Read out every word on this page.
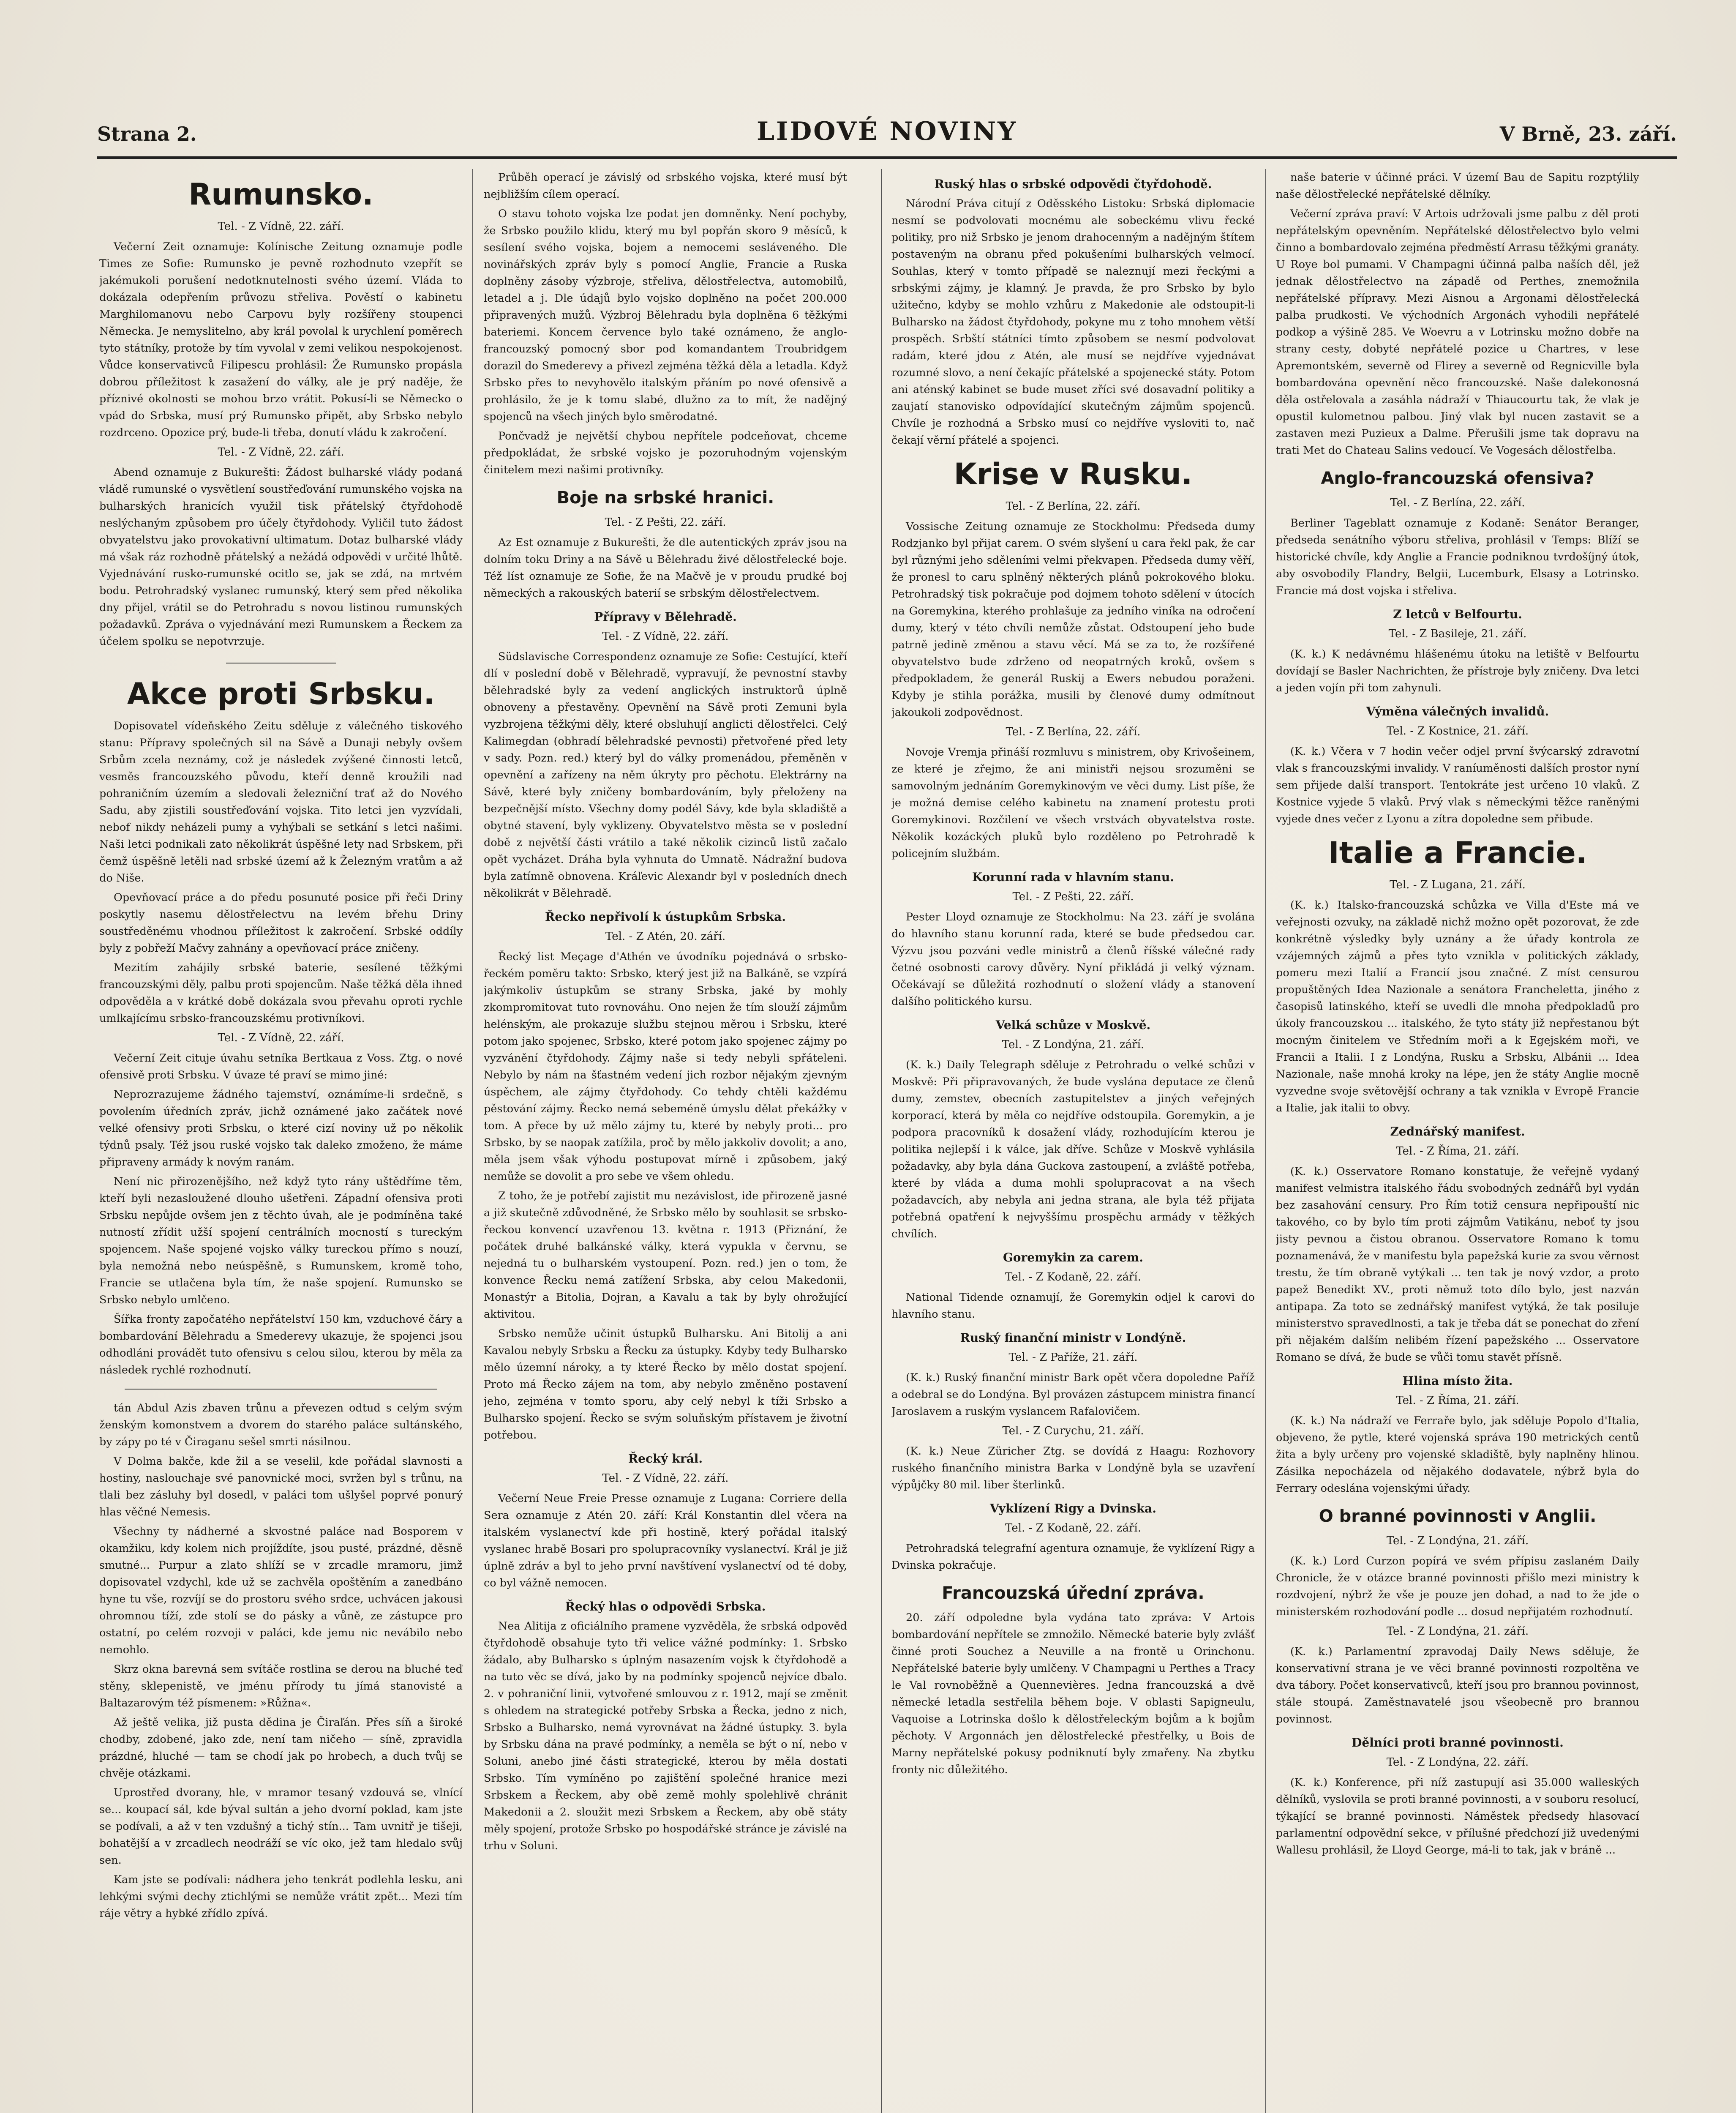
Strana 2.	LIDOVÉ NOVINY	V Brně, 23. září.
Rumunsko.
Tel. - Z Vídně, 22. září.

Večerní Zeit oznamuje: Kolínische Zeitung oznamuje podle Times ze Sofie: Rumunsko je pevně rozhodnuto vzepřít se jakémukoli porušení nedotknutelnosti svého území. Vláda to dokázala odepřením průvozu střeliva. Pověstí o kabinetu Marghilomanovu nebo Carpovu byly rozšířeny stoupenci Německa. Je nemyslitelno, aby král povolal k urychlení poměrech tyto státníky, protože by tím vyvolal v zemi velikou nespokojenost. Vůdce konservativců Filipescu prohlásil: Že Rumunsko propásla dobrou příležitost k zasažení do války, ale je prý naděje, že příznivé okolnosti se mohou brzo vrátit. Pokusí-li se Německo o vpád do Srbska, musí prý Rumunsko připět, aby Srbsko nebylo rozdrceno. Opozice prý, bude-li třeba, donutí vládu k zakročení.

Tel. - Z Vídně, 22. září.

Abend oznamuje z Bukurešti: Žádost bulharské vlády podaná vládě rumunské o vysvětlení soustřeďování rumunského vojska na bulharských hranicích využil tisk přátelský čtyřdohodě neslýchaným způsobem pro účely čtyřdohody. Vyličil tuto žádost obvyatelstvu jako provokativní ultimatum. Dotaz bulharské vlády má však ráz rozhodně přátelský a nežádá odpovědi v určité lhůtě. Vyjednávání rusko-rumunské ocitlo se, jak se zdá, na mrtvém bodu. Petrohradský vyslanec rumunský, který sem před několika dny přijel, vrátil se do Petrohradu s novou listinou rumunských požadavků. Zpráva o vyjednávání mezi Rumunskem a Řeckem za účelem spolku se nepotvrzuje.

Akce proti Srbsku.

Dopisovatel vídeňského Zeitu sděluje z válečného tiskového stanu: Přípravy společných sil na Sávě a Dunaji nebyly ovšem Srbům zcela neznámy, což je následek zvýšené činnosti letců, vesměs francouzského původu, kteří denně kroužili nad pohraničním územím a sledovali železniční trať až do Nového Sadu, aby zjistili soustřeďování vojska. Tito letci jen vyzvídali, nebof nikdy neházeli pumy a vyhýbali se setkání s letci našimi. Naši letci podnikali zato několikrát úspěšné lety nad Srbskem, při čemž úspěšně letěli nad srbské území až k Železným vratům a až do Niše.

Opevňovací práce a do předu posunuté posice při řeči Driny poskytly nasemu dělostřelectvu na levém břehu Driny soustředěnému vhodnou příležitost k zakročení. Srbské oddíly byly z pobřeží Mačvy zahnány a opevňovací práce zničeny.

Mezitím zahájily srbské baterie, sesílené těžkými francouzskými děly, palbu proti spojencům. Naše těžká děla ihned odpověděla a v krátké době dokázala svou převahu oproti rychle umlkajícímu srbsko-francouzskému protivníkovi.

Tel. - Z Vídně, 22. září.

Večerní Zeit cituje úvahu setníka Bertkaua z Voss. Ztg. o nové ofensivě proti Srbsku. V úvaze té praví se mimo jiné:

Neprozrazujeme žádného tajemství, oznámíme-li srdečně, s povolením úředních zpráv, jichž oznámené jako začátek nové velké ofensivy proti Srbsku, o které cizí noviny už po několik týdnů psaly. Též jsou ruské vojsko tak daleko zmoženo, že máme připraveny armády k novým ranám.

Není nic přirozenějšího, než když tyto rány uštědříme těm, kteří byli nezasloužené dlouho ušetřeni. Západní ofensiva proti Srbsku nepůjde ovšem jen z těchto úvah, ale je podmíněna také nutností zřídit užší spojení centrálních mocností s tureckým spojencem. Naše spojené vojsko války tureckou přímo s nouzí, byla nemožná nebo neúspěšně, s Rumunskem, kromě toho, Francie se utlačena byla tím, že naše spojení. Rumunsko se Srbsko nebylo umlčeno.

Šířka fronty započatého nepřátelství 150 km, vzduchové čáry a bombardování Bělehradu a Smederevy ukazuje, že spojenci jsou odhodláni provádět tuto ofensivu s celou silou, kterou by měla za následek rychlé rozhodnutí.

tán Abdul Azis zbaven trůnu a převezen odtud s celým svým ženským komonstvem a dvorem do starého paláce sultánského, by zápy po té v Čiraganu sešel smrti násilnou.

V Dolma bakče, kde žil a se veselil, kde pořádal slavnosti a hostiny, naslouchaje své panovnické moci, svržen byl s trůnu, na tlali bez zásluhy byl dosedl, v paláci tom ušlyšel poprvé ponurý hlas věčné Nemesis.

Všechny ty nádherné a skvostné paláce nad Bosporem v okamžiku, kdy kolem nich projíždíte, jsou pusté, prázdné, děsně smutné... Purpur a zlato shlíží se v zrcadle mramoru, jimž dopisovatel vzdychl, kde už se zachvěla opoštěním a zanedbáno hyne tu vše, rozvíjí se do prostoru svého srdce, uchvácen jakousi ohromnou tíží, zde stolí se do pásky a vůně, ze zástupce pro ostatní, po celém rozvoji v paláci, kde jemu nic nevábilo nebo nemohlo.

Skrz okna barevná sem svítáče rostlina se derou na bluché teď stěny, sklepenistě, ve jménu přírody tu jímá stanovisté a Baltazarovým též písmenem: »Růžna«.

Až ještě velika, již pusta dědina je Čiraľán. Přes síň a široké chodby, zdobené, jako zde, není tam ničeho — síně, zpravidla prázdné, hluché — tam se chodí jak po hrobech, a duch tvůj se chvěje otázkami.

Uprostřed dvorany, hle, v mramor tesaný vzdouvá se, vlnící se... koupací sál, kde býval sultán a jeho dvorní poklad, kam jste se podívali, a až v ten vzdušný a tichý stín... Tam uvnitř je tišeji, bohatější a v zrcadlech neodráží se víc oko, jež tam hledalo svůj sen.

Kam jste se podívali: nádhera jeho tenkrát podlehla lesku, ani lehkými svými dechy ztichlými se nemůže vrátit zpět... Mezi tím ráje větry a hybké zřídlo zpívá.

Průběh operací je závislý od srbského vojska, které musí být nejbližším cílem operací.

O stavu tohoto vojska lze podat jen domněnky. Není pochyby, že Srbsko použilo klidu, který mu byl popřán skoro 9 měsíců, k sesílení svého vojska, bojem a nemocemi sesláveného. Dle novinářských zpráv byly s pomocí Anglie, Francie a Ruska doplněny zásoby výzbroje, střeliva, dělostřelectva, automobilů, letadel a j. Dle údajů bylo vojsko doplněno na počet 200.000 připravených mužů. Výzbroj Bělehradu byla doplněna 6 těžkými bateriemi. Koncem července bylo také oznámeno, že anglo-francouzský pomocný sbor pod komandantem Troubridgem dorazil do Smederevy a přivezl zejména těžká děla a letadla. Když Srbsko přes to nevyhovělo italským přáním po nové ofensivě a prohlásilo, že je k tomu slabé, dlužno za to mít, že nadějný spojenců na všech jiných bylo směrodatné.

Pončvadž je největší chybou nepřítele podceňovat, chceme předpokládat, že srbské vojsko je pozoruhodným vojenským činitelem mezi našimi protivníky.

Boje na srbské hranici.
Tel. - Z Pešti, 22. září.

Az Est oznamuje z Bukurešti, že dle autentických zpráv jsou na dolním toku Driny a na Sávě u Bělehradu živé dělostřelecké boje. Též líst oznamuje ze Sofie, že na Mačvě je v proudu prudké boj německých a rakouských baterií se srbským dělostřelectvem.

Přípravy v Bělehradě.
Tel. - Z Vídně, 22. září.

Südslavische Correspondenz oznamuje ze Sofie: Cestující, kteří dlí v poslední době v Bělehradě, vypravují, že pevnostní stavby bělehradské byly za vedení anglických instruktorů úplně obnoveny a přestavěny. Opevnění na Sávě proti Zemuni byla vyzbrojena těžkými děly, které obsluhují anglicti dělostřelci. Celý Kalimegdan (obhradí bělehradské pevnosti) přetvořené před lety v sady. Pozn. red.) který byl do války promenádou, přeměněn v opevnění a zařízeny na něm úkryty pro pěchotu. Elektrárny na Sávě, které byly zničeny bombardováním, byly přeloženy na bezpečnější místo. Všechny domy podél Sávy, kde byla skladiště a obytné stavení, byly vyklizeny. Obyvatelstvo města se v poslední době z největší části vrátilo a také několik cizinců listů začalo opět vycházet. Dráha byla vyhnuta do Umnatě. Nádražní budova byla zatímně obnovena. Kráľevic Alexandr byl v posledních dnech několikrát v Bělehradě.

Řecko nepřivolí k ústupkům Srbska.
Tel. - Z Atén, 20. září.

Řecký list Meçage d'Athén ve úvodníku pojednává o srbsko-řeckém poměru takto: Srbsko, který jest již na Balkáně, se vzpírá jakýmkoliv ústupkům se strany Srbska, jaké by mohly zkompromitovat tuto rovnováhu. Ono nejen že tím slouží zájmům helénským, ale prokazuje službu stejnou měrou i Srbsku, které potom jako spojenec, Srbsko, které potom jako spojenec zájmy po vyzvánění čtyřdohody. Zájmy naše si tedy nebyli spřáteleni. Nebylo by nám na šťastném vedení jich rozbor nějakým zjevným úspěchem, ale zájmy čtyřdohody. Co tehdy chtěli každému pěstování zájmy. Řecko nemá sebeméně úmyslu dělat překážky v tom. A přece by už mělo zájmy tu, které by nebyly proti... pro Srbsko, by se naopak zatížila, proč by mělo jakkoliv dovolit; a ano, měla jsem však výhodu postupovat mírně i způsobem, jaký nemůže se dovolit a pro sebe ve všem ohledu.

Z toho, že je potřebí zajistit mu nezávislost, ide přirozeně jasné a již skutečně zdůvodněné, že Srbsko mělo by souhlasit se srbsko-řeckou konvencí uzavřenou 13. května r. 1913 (Přiznání, že počátek druhé balkánské války, která vypukla v červnu, se nejedná tu o bulharském vystoupení. Pozn. red.) jen o tom, že konvence Řecku nemá zatížení Srbska, aby celou Makedonii, Monastýr a Bitolia, Dojran, a Kavalu a tak by byly ohrožující aktivitou.

Srbsko nemůže učinit ústupků Bulharsku. Ani Bitolij a ani Kavalou nebyly Srbsku a Řecku za ústupky. Kdyby tedy Bulharsko mělo územní nároky, a ty které Řecko by mělo dostat spojení. Proto má Řecko zájem na tom, aby nebylo změněno postavení jeho, zejména v tomto sporu, aby celý nebyl k tíži Srbsko a Bulharsko spojení. Řecko se svým soluňským přístavem je životní potřebou.

Řecký král.
Tel. - Z Vídně, 22. září.

Večerní Neue Freie Presse oznamuje z Lugana: Corriere della Sera oznamuje z Atén 20. září: Král Konstantin dlel včera na italském vyslanectví kde při hostině, který pořádal italský vyslanec hrabě Bosari pro spolupracovníky vyslanectví. Král je již úplně zdráv a byl to jeho první navštívení vyslanectví od té doby, co byl vážně nemocen.

Řecký hlas o odpovědi Srbska.

Nea Alitija z oficiálního pramene vyzvěděla, že srbská odpověď čtyřdohodě obsahuje tyto tři velice vážné podmínky: 1. Srbsko žádalo, aby Bulharsko s úplným nasazením vojsk k čtyřdohodě a na tuto věc se dívá, jako by na podmínky spojenců nejvíce dbalo. 2. v pohraniční linii, vytvořené smlouvou z r. 1912, mají se změnit s ohledem na strategické potřeby Srbska a Řecka, jedno z nich, Srbsko a Bulharsko, nemá vyrovnávat na žádné ústupky. 3. byla by Srbsku dána na pravé podmínky, a neměla se být o ní, nebo v Soluni, anebo jiné části strategické, kterou by měla dostati Srbsko. Tím vymíněno po zajištění společné hranice mezi Srbskem a Řeckem, aby obě země mohly spolehlivě chránit Makedonii a 2. sloužit mezi Srbskem a Řeckem, aby obě státy měly spojení, protože Srbsko po hospodářské stránce je závislé na trhu v Soluni.

Ruský hlas o srbské odpovědi čtyřdohodě.

Národní Práva citují z Oděsského Listoku: Srbská diplomacie nesmí se podvolovati mocnému ale sobeckému vlivu řecké politiky, pro niž Srbsko je jenom drahocenným a nadějným štítem postaveným na obranu před pokušeními bulharských velmocí. Souhlas, který v tomto případě se naleznují mezi řeckými a srbskými zájmy, je klamný. Je pravda, že pro Srbsko by bylo užitečno, kdyby se mohlo vzhůru z Makedonie ale odstoupit-li Bulharsko na žádost čtyřdohody, pokyne mu z toho mnohem větší prospěch. Srbští státníci tímto způsobem se nesmí podvolovat radám, které jdou z Atén, ale musí se nejdříve vyjednávat rozumné slovo, a není čekajíc přátelské a spojenecké státy. Potom ani aténský kabinet se bude muset zříci své dosavadní politiky a zaujatí stanovisko odpovídající skutečným zájmům spojenců. Chvíle je rozhodná a Srbsko musí co nejdříve vysloviti to, nač čekají věrní přátelé a spojenci.

Krise v Rusku.
Tel. - Z Berlína, 22. září.

Vossische Zeitung oznamuje ze Stockholmu: Předseda dumy Rodzjanko byl přijat carem. O svém slyšení u cara řekl pak, že car byl různými jeho sděleními velmi překvapen. Předseda dumy věří, že pronesl to caru splněný některých plánů pokrokového bloku. Petrohradský tisk pokračuje pod dojmem tohoto sdělení v útocích na Goremykina, kterého prohlašuje za jedního viníka na odročení dumy, který v této chvíli nemůže zůstat. Odstoupení jeho bude patrně jedině změnou a stavu věcí. Má se za to, že rozšířené obyvatelstvo bude zdrženo od neopatrných kroků, ovšem s předpokladem, že generál Ruskij a Ewers nebudou poraženi. Kdyby je stihla porážka, musili by členové dumy odmítnout jakoukoli zodpovědnost.

Tel. - Z Berlína, 22. září.

Novoje Vremja přináší rozmluvu s ministrem, oby Krivošeinem, ze které je zřejmo, že ani ministři nejsou srozuměni se samovolným jednáním Goremykinovým ve věci dumy. List píše, že je možná demise celého kabinetu na znamení protestu proti Goremykinovi. Rozčilení ve všech vrstvách obyvatelstva roste. Několik kozáckých pluků bylo rozděleno po Petrohradě k policejním službám.

Korunní rada v hlavním stanu.
Tel. - Z Pešti, 22. září.

Pester Lloyd oznamuje ze Stockholmu: Na 23. září je svolána do hlavního stanu korunní rada, které se bude předsedou car. Výzvu jsou pozváni vedle ministrů a členů říšské válečné rady četné osobnosti carovy důvěry. Nyní přikládá ji velký význam. Očekávají se důležitá rozhodnutí o složení vlády a stanovení dalšího politického kursu.

Velká schůze v Moskvě.
Tel. - Z Londýna, 21. září.

(K. k.) Daily Telegraph sděluje z Petrohradu o velké schůzi v Moskvě: Při připravovaných, že bude vyslána deputace ze členů dumy, zemstev, obecních zastupitelstev a jiných veřejných korporací, která by měla co nejdříve odstoupila. Goremykin, a je podpora pracovníků k dosažení vlády, rozhodujícím kterou je politika nejlepší i k válce, jak dříve. Schůze v Moskvě vyhlásila požadavky, aby byla dána Guckova zastoupení, a zvláště potřeba, které by vláda a duma mohli spolupracovat a na všech požadavcích, aby nebyla ani jedna strana, ale byla též přijata potřebná opatření k nejvyššímu prospěchu armády v těžkých chvílích.

Goremykin za carem.
Tel. - Z Kodaně, 22. září.

National Tidende oznamují, že Goremykin odjel k carovi do hlavního stanu.

Ruský finanční ministr v Londýně.
Tel. - Z Paříže, 21. září.

(K. k.) Ruský finanční ministr Bark opět včera dopoledne Paříž a odebral se do Londýna. Byl provázen zástupcem ministra financí Jaroslavem a ruským vyslancem Rafalovičem.

Tel. - Z Curychu, 21. září.

(K. k.) Neue Züricher Ztg. se dovídá z Haagu: Rozhovory ruského finančního ministra Barka v Londýně byla se uzavření výpůjčky 80 mil. liber šterlinků.

Vyklízení Rigy a Dvinska.
Tel. - Z Kodaně, 22. září.

Petrohradská telegrafní agentura oznamuje, že vyklízení Rigy a Dvinska pokračuje.

Francouzská úřední zpráva.

20. září odpoledne byla vydána tato zpráva: V Artois bombardování nepřítele se zmnožilo. Německé baterie byly zvlášť činné proti Souchez a Neuville a na frontě u Orinchonu. Nepřátelské baterie byly umlčeny. V Champagni u Perthes a Tracy le Val rovnoběžně a Quennevières. Jedna francouzská a dvě německé letadla sestřelila během boje. V oblasti Sapigneulu, Vaquoise a Lotrinska došlo k dělostřeleckým bojům a k bojům pěchoty. V Argonnách jen dělostřelecké přestřelky, u Bois de Marny nepřátelské pokusy podniknutí byly zmařeny. Na zbytku fronty nic důležitého.

naše baterie v účinné práci. V území Bau de Sapitu rozptýlily naše dělostřelecké nepřátelské dělníky.

Večerní zpráva praví: V Artois udržovali jsme palbu z děl proti nepřátelským opevněním. Nepřátelské dělostřelectvo bylo velmi činno a bombardovalo zejména předměstí Arrasu těžkými granáty. U Roye bol pumami. V Champagni účinná palba naších děl, jež jednak dělostřelectvo na západě od Perthes, znemožnila nepřátelské přípravy. Mezi Aisnou a Argonami dělostřelecká palba prudkosti. Ve východních Argonách vyhodili nepřátelé podkop a výšině 285. Ve Woevru a v Lotrinsku možno dobře na strany cesty, dobyté nepřátelé pozice u Chartres, v lese Apremontském, severně od Flirey a severně od Regnicville byla bombardována opevnění něco francouzské. Naše dalekonosná děla ostřelovala a zasáhla nádraží v Thiaucourtu tak, že vlak je opustil kulometnou palbou. Jiný vlak byl nucen zastavit se a zastaven mezi Puzieux a Dalme. Přerušili jsme tak dopravu na trati Met do Chateau Salins vedoucí. Ve Vogesách dělostřelba.

Anglo-francouzská ofensiva?
Tel. - Z Berlína, 22. září.

Berliner Tageblatt oznamuje z Kodaně: Senátor Beranger, předseda senátního výboru střeliva, prohlásil v Temps: Blíží se historické chvíle, kdy Anglie a Francie podniknou tvrdošíjný útok, aby osvobodily Flandry, Belgii, Lucemburk, Elsasy a Lotrinsko. Francie má dost vojska i střeliva.

Z letců v Belfourtu.
Tel. - Z Basileje, 21. září.

(K. k.) K nedávnému hlášenému útoku na letiště v Belfourtu dovídají se Basler Nachrichten, že přístroje byly zničeny. Dva letci a jeden vojín při tom zahynuli.

Výměna válečných invalidů.
Tel. - Z Kostnice, 21. září.

(K. k.) Včera v 7 hodin večer odjel první švýcarský zdravotní vlak s francouzskými invalidy. V raníuměnosti dalších prostor nyní sem přijede další transport. Tentokráte jest určeno 10 vlaků. Z Kostnice vyjede 5 vlaků. Prvý vlak s německými těžce raněnými vyjede dnes večer z Lyonu a zítra dopoledne sem přibude.

Italie a Francie.
Tel. - Z Lugana, 21. září.

(K. k.) Italsko-francouzská schůzka ve Villa d'Este má ve veřejnosti ozvuky, na základě nichž možno opět pozorovat, že zde konkrétně výsledky byly uznány a že úřady kontrola ze vzájemných zájmů a přes tyto vznikla v politických základy, pomeru mezi Italií a Francií jsou značné. Z míst censurou propuštěných Idea Nazionale a senátora Francheletta, jiného z časopisů latinského, kteří se uvedli dle mnoha předpokladů pro úkoly francouzskou ... italského, že tyto státy již nepřestanou být mocným činitelem ve Středním moři a k Egejském moři, ve Francii a Italii. I z Londýna, Rusku a Srbsku, Albánii ... Idea Nazionale, naše mnohá kroky na lépe, jen že státy Anglie mocně vyzvedne svoje světovější ochrany a tak vznikla v Evropě Francie a Italie, jak italii to obvy.

Zednářský manifest.
Tel. - Z Říma, 21. září.

(K. k.) Osservatore Romano konstatuje, že veřejně vydaný manifest velmistra italského řádu svobodných zednářů byl vydán bez zasahování censury. Pro Řím totiž censura nepřipouští nic takového, co by bylo tím proti zájmům Vatikánu, neboť ty jsou jisty pevnou a čistou obranou. Osservatore Romano k tomu poznamenává, že v manifestu byla papežská kurie za svou věrnost trestu, že tím obraně vytýkali ... ten tak je nový vzdor, a proto papež Benedikt XV., proti němuž toto dílo bylo, jest nazván antipapa. Za toto se zednářský manifest vytýká, že tak posiluje ministerstvo spravedlnosti, a tak je třeba dát se ponechat do zření při nějakém dalším nelibém řízení papežského ... Osservatore Romano se dívá, že bude se vůči tomu stavět přísně.

Hlina místo žita.
Tel. - Z Říma, 21. září.

(K. k.) Na nádraží ve Ferraře bylo, jak sděluje Popolo d'Italia, objeveno, že pytle, které vojenská správa 190 metrických centů žita a byly určeny pro vojenské skladiště, byly naplněny hlinou. Zásilka nepocházela od nějakého dodavatele, nýbrž byla do Ferrary odeslána vojenskými úřady.

O branné povinnosti v Anglii.
Tel. - Z Londýna, 21. září.

(K. k.) Lord Curzon popírá ve svém přípisu zaslaném Daily Chronicle, že v otázce branné povinnosti přišlo mezi ministry k rozdvojení, nýbrž že vše je pouze jen dohad, a nad to že jde o ministerském rozhodování podle ... dosud nepřijatém rozhodnutí.

Tel. - Z Londýna, 21. září.

(K. k.) Parlamentní zpravodaj Daily News sděluje, že konservativní strana je ve věci branné povinnosti rozpoltěna ve dva tábory. Počet konservativců, kteří jsou pro brannou povinnost, stále stoupá. Zaměstnavatelé jsou všeobecně pro brannou povinnost.

Dělníci proti branné povinnosti.
Tel. - Z Londýna, 22. září.

(K. k.) Konference, při níž zastupují asi 35.000 walleských dělníků, vyslovila se proti branné povinnosti, a v souboru resolucí, týkající se branné povinnosti. Náměstek předsedy hlasovací parlamentní odpovědní sekce, v přílušné předchozí již uvedenými Wallesu prohlásil, že Lloyd George, má-li to tak, jak v bráně ...
